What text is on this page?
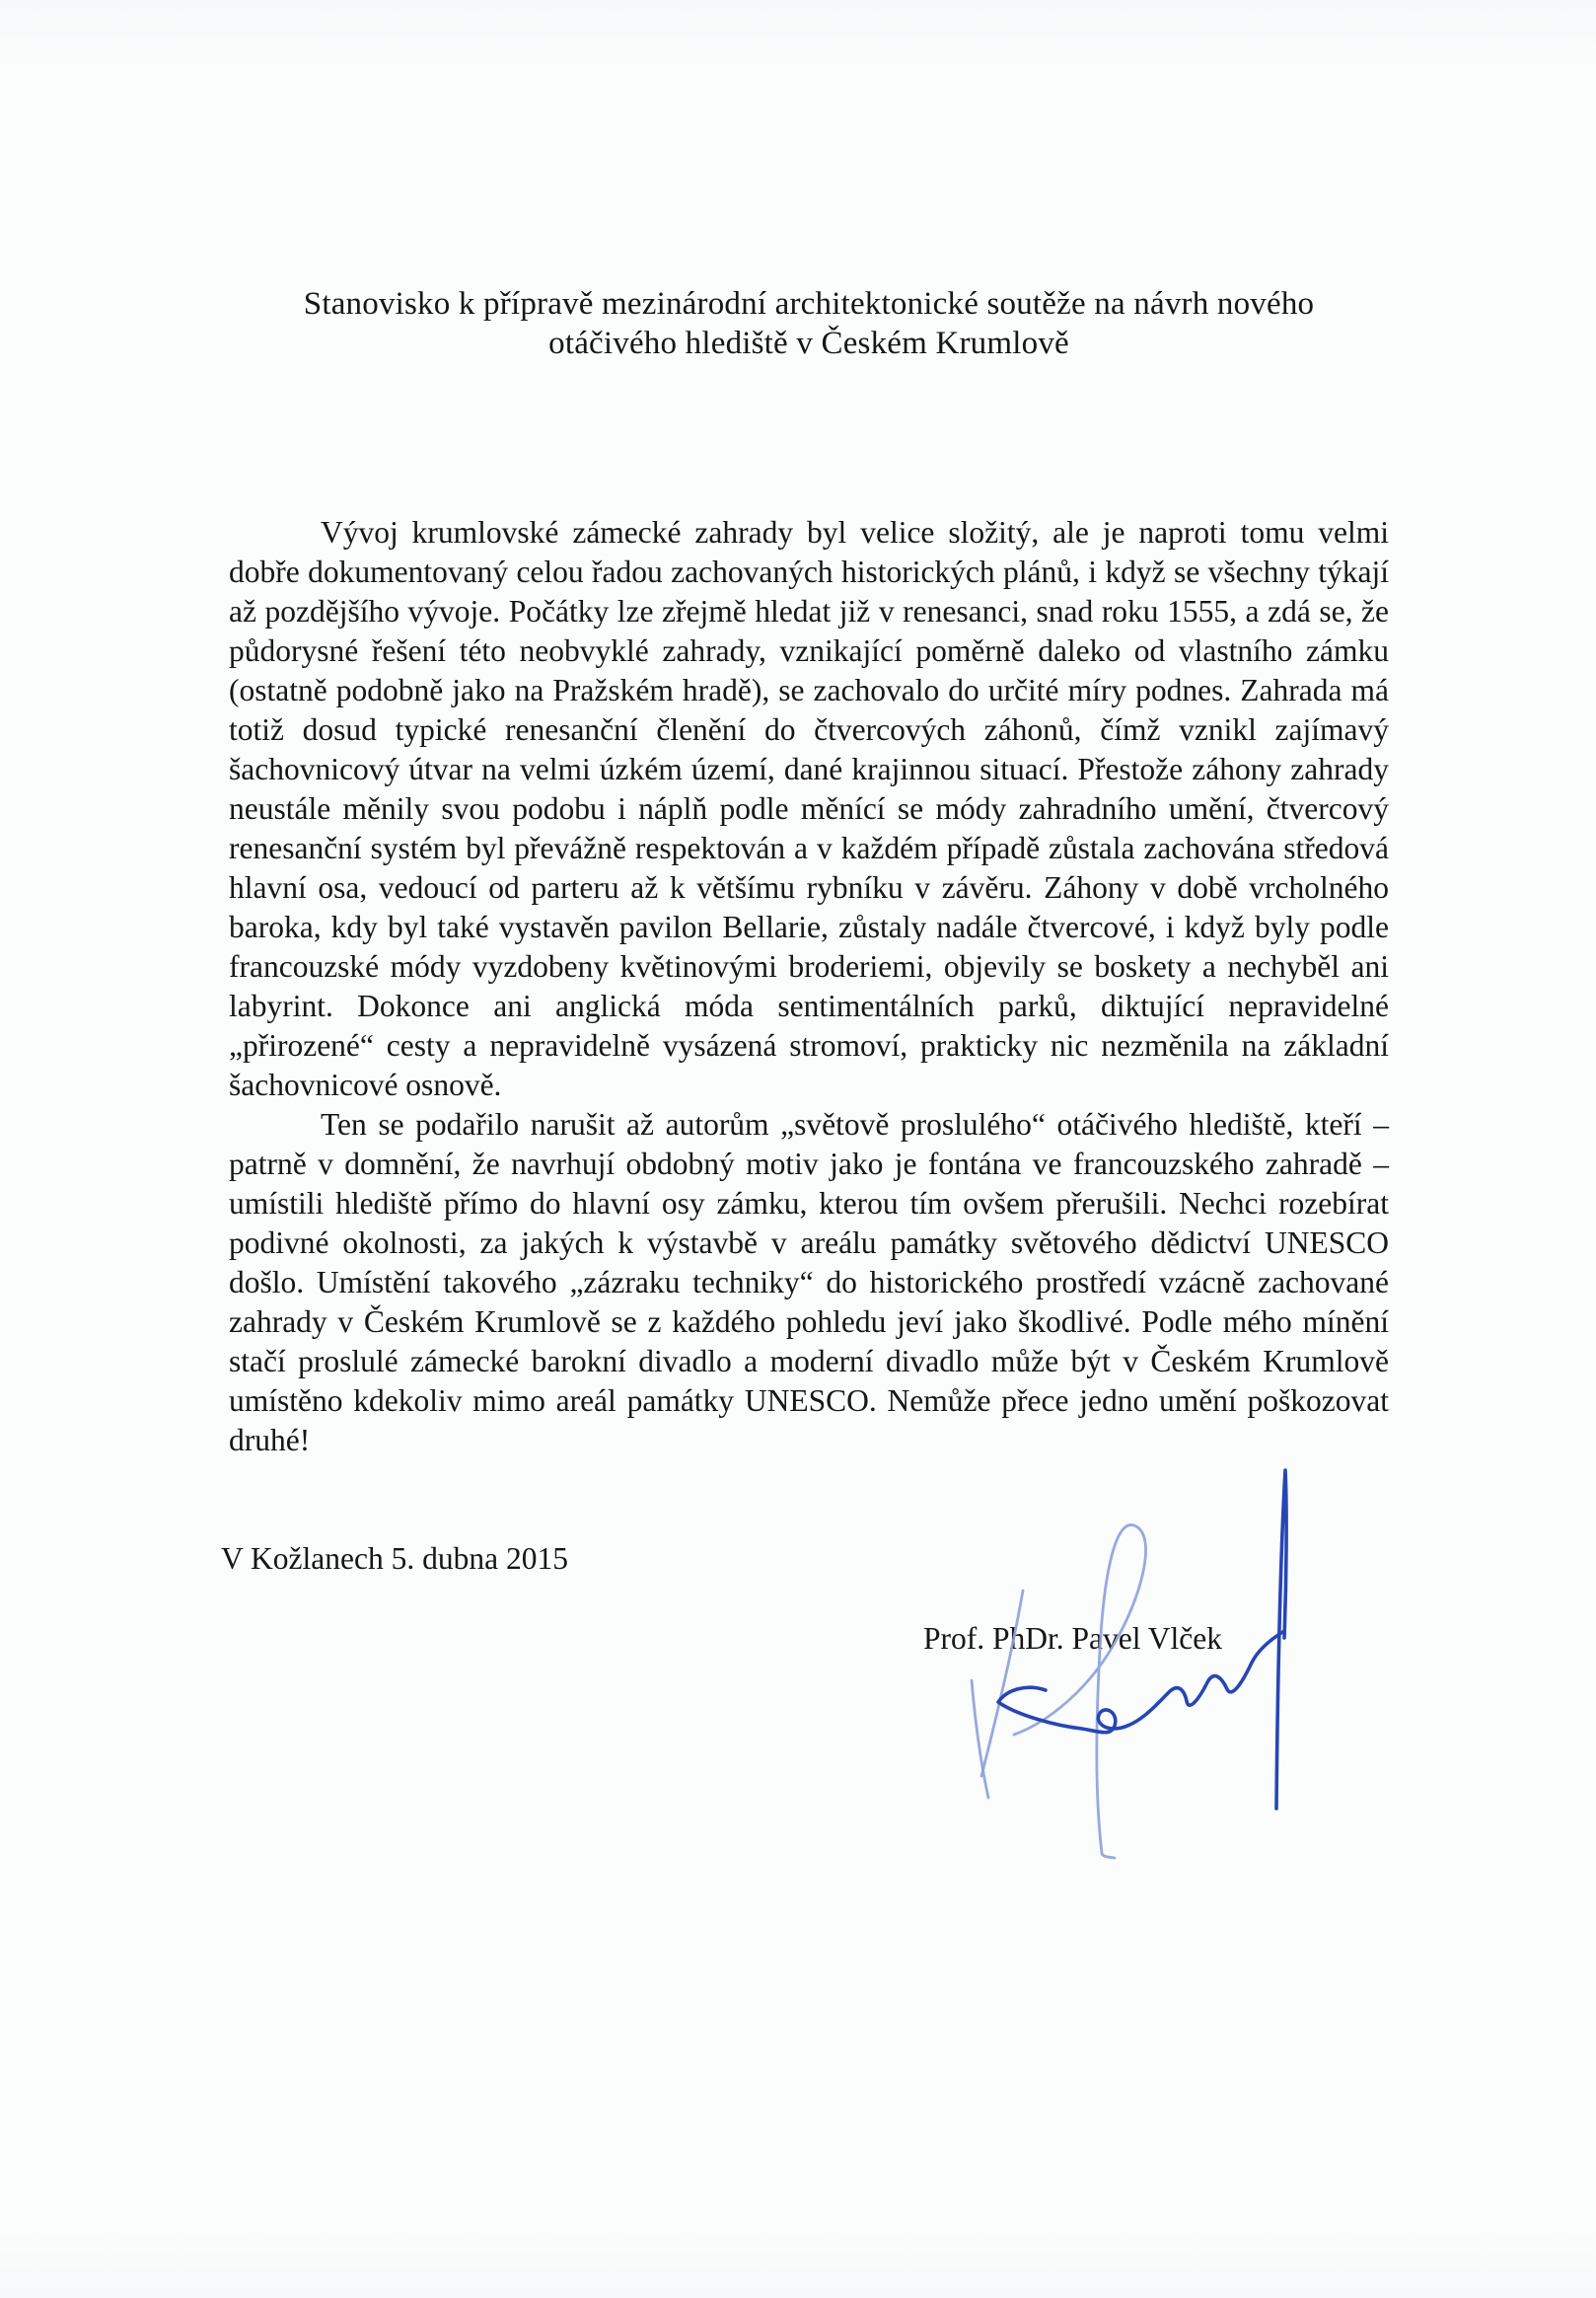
Stanovisko k přípravě mezinárodní architektonické soutěže na návrh nového
otáčivého hlediště v Českém Krumlově

Vývoj krumlovské zámecké zahrady byl velice složitý, ale je naproti tomu velmi dobře dokumentovaný celou řadou zachovaných historických plánů, i když se všechny týkají až pozdějšího vývoje. Počátky lze zřejmě hledat již v renesanci, snad roku 1555, a zdá se, že půdorysné řešení této neobvyklé zahrady, vznikající poměrně daleko od vlastního zámku (ostatně podobně jako na Pražském hradě), se zachovalo do určité míry podnes. Zahrada má totiž dosud typické renesanční členění do čtvercových záhonů, čímž vznikl zajímavý šachovnicový útvar na velmi úzkém území, dané krajinnou situací. Přestože záhony zahrady neustále měnily svou podobu i náplň podle měnící se módy zahradního umění, čtvercový renesanční systém byl převážně respektován a v každém případě zůstala zachována středová hlavní osa, vedoucí od parteru až k většímu rybníku v závěru. Záhony v době vrcholného baroka, kdy byl také vystavěn pavilon Bellarie, zůstaly nadále čtvercové, i když byly podle francouzské módy vyzdobeny květinovými broderiemi, objevily se boskety a nechyběl ani labyrint. Dokonce ani anglická móda sentimentálních parků, diktující nepravidelné „přirozené“ cesty a nepravidelně vysázená stromoví, prakticky nic nezměnila na základní šachovnicové osnově.

Ten se podařilo narušit až autorům „světově proslulého“ otáčivého hlediště, kteří – patrně v domnění, že navrhují obdobný motiv jako je fontána ve francouzského zahradě – umístili hlediště přímo do hlavní osy zámku, kterou tím ovšem přerušili. Nechci rozebírat podivné okolnosti, za jakých k výstavbě v areálu památky světového dědictví UNESCO došlo. Umístění takového „zázraku techniky“ do historického prostředí vzácně zachované zahrady v Českém Krumlově se z každého pohledu jeví jako škodlivé. Podle mého mínění stačí proslulé zámecké barokní divadlo a moderní divadlo může být v Českém Krumlově umístěno kdekoliv mimo areál památky UNESCO. Nemůže přece jedno umění poškozovat druhé!

V Kožlanech 5. dubna 2015
Prof. PhDr. Pavel Vlček
